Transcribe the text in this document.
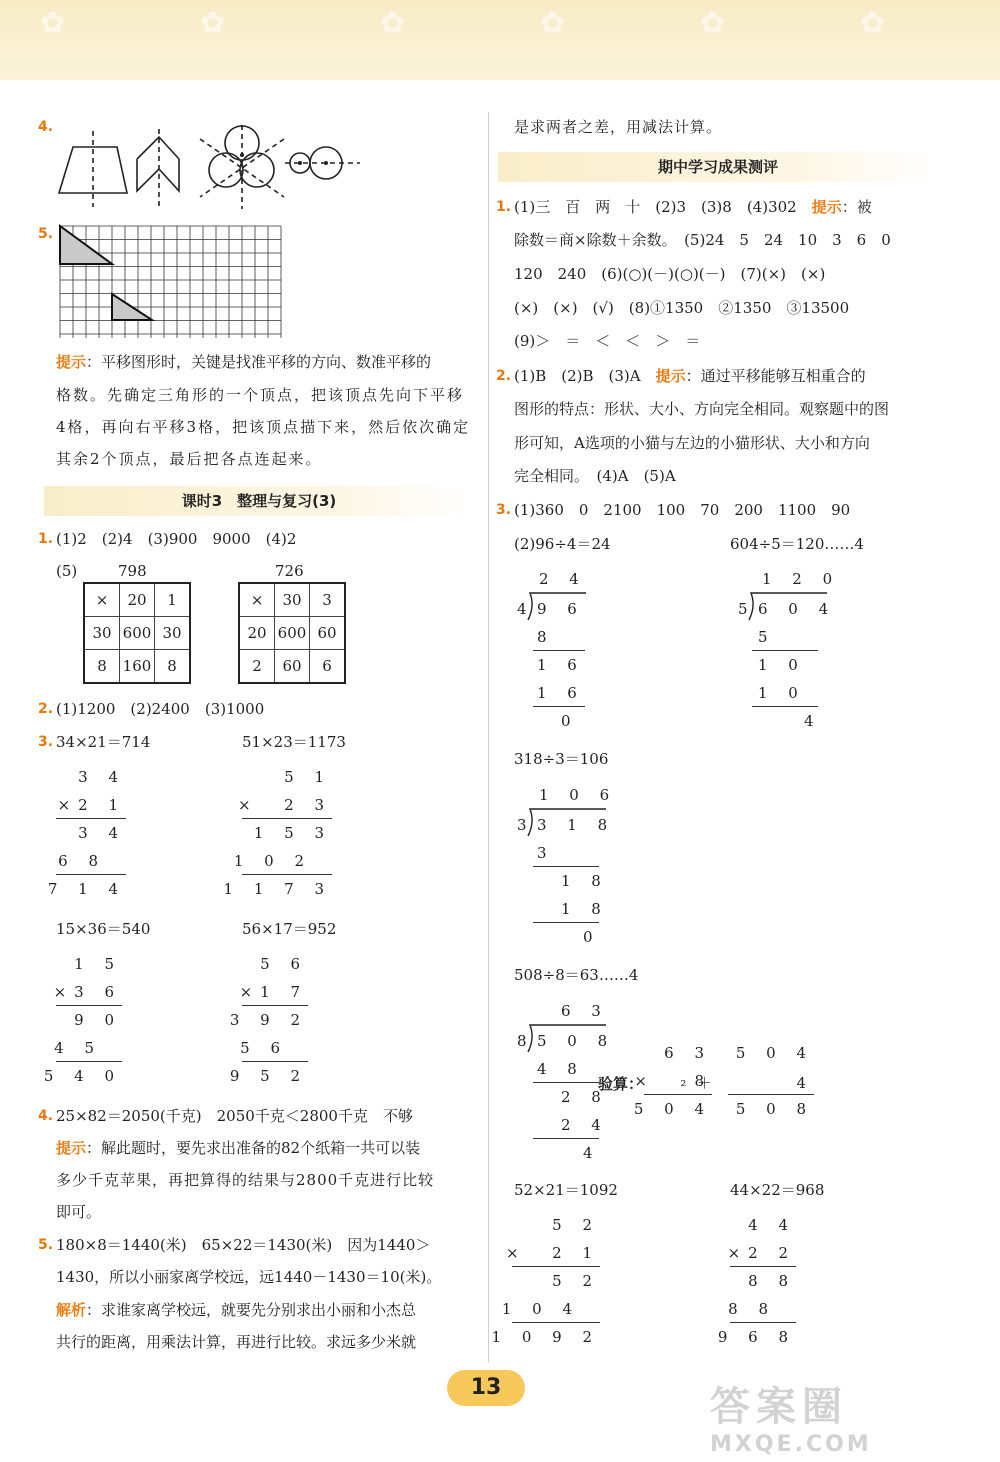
✿	✿	✿	✿	✿	✿
4.
5.
提示：平移图形时，关键是找准平移的方向、数准平移的
格数。先确定三角形的一个顶点，把该顶点先向下平移
4格，再向右平移3格，把该顶点描下来，然后依次确定
其余2个顶点，最后把各点连起来。
课时3　整理与复习(3)
1. (1)2　(2)4　(3)900　9000　(4)2
(5)	798
×	20	1
30	600	30
8	160	8
726
×	30	3
20	600	60
2	60	6
2. (1)1200　(2)2400　(3)1000
3. 34×21＝714	51×23＝1173
3 4
×2 1
3 4
6 8
7 1 4
5 1
×  2 3
1 5 3
1 0 2
1 1 7 3
15×36＝540	56×17＝952
1 5
×3 6
9 0
4 5
5 4 0
5 6
×1 7
3 9 2
5 6
9 5 2
4. 25×82＝2050(千克)　2050千克＜2800千克　不够
提示：解此题时，要先求出准备的82个纸箱一共可以装
多少千克苹果，再把算得的结果与2800千克进行比较
即可。
5. 180×8＝1440(米)　65×22＝1430(米)　因为1440＞
1430，所以小丽家离学校远，远1440－1430＝10(米)。
解析：求谁家离学校远，就要先分别求出小丽和小杰总
共行的距离，用乘法计算，再进行比较。求远多少米就
是求两者之差，用减法计算。
期中学习成果测评
1. (1)三　百　两　十　(2)3　(3)8　(4)302　 提示：被
除数＝商×除数＋余数。　(5)24　5　24　10　3　6　0
120　240　(6)(○)(－)(○)(－)　(7)(×)　(×)
(×)　(×)　(√)　(8)①1350　②1350　③13500
(9)＞　＝　＜　＜　＞　＝
2. (1)B　(2)B　(3)A　 提示：通过平移能够互相重合的
图形的特点：形状、大小、方向完全相同。观察题中的图
形可知，A选项的小猫与左边的小猫形状、大小和方向
完全相同。　(4)A　(5)A
3. (1)360　0　2100　100　70　200　1100　90
(2)96÷4＝24	604÷5＝120……4
2 4
4 9 6
8
1 6
1 6
0
1 2 0
5 6 0 4
5
1 0
1 0
4
318÷3＝106
1 0 6
3 3 1 8
3
1 8
1 8
0
508÷8＝63……4
6 3
8 5 0 8
4 8
2 8
2 4
4
验算：
6 3
×  ₂8
5 0 4
5 0 4
＋      4
5 0 8
52×21＝1092	44×22＝968
5 2
×  2 1
5 2
1 0 4
1 0 9 2
4 4
×2 2
8 8
8 8
9 6 8
13	答案圈
MXQE.COM
